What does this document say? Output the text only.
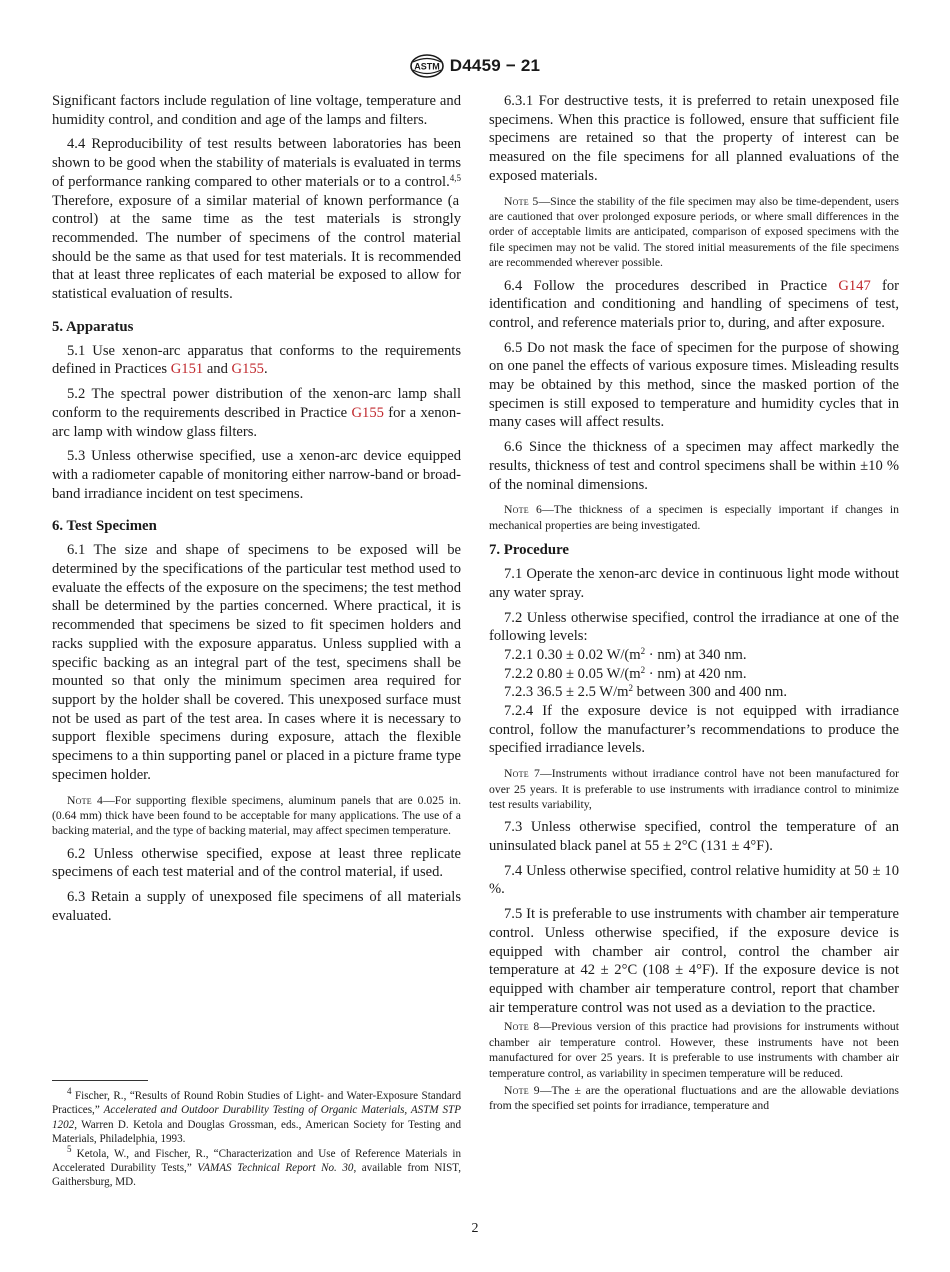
ASTM D4459 − 21

Significant factors include regulation of line voltage, temperature and humidity control, and condition and age of the lamps and filters.

4.4 Reproducibility of test results between laboratories has been shown to be good when the stability of materials is evaluated in terms of performance ranking compared to other materials or to a control.$^{4,5}$ Therefore, exposure of a similar material of known performance (a control) at the same time as the test materials is strongly recommended. The number of specimens of the control material should be the same as that used for test materials. It is recommended that at least three replicates of each material be exposed to allow for statistical evaluation of results.

5. Apparatus

5.1 Use xenon-arc apparatus that conforms to the requirements defined in Practices G151 and G155.

5.2 The spectral power distribution of the xenon-arc lamp shall conform to the requirements described in Practice G155 for a xenon-arc lamp with window glass filters.

5.3 Unless otherwise specified, use a xenon-arc device equipped with a radiometer capable of monitoring either narrow-band or broad-band irradiance incident on test specimens.

6. Test Specimen

6.1 The size and shape of specimens to be exposed will be determined by the specifications of the particular test method used to evaluate the effects of the exposure on the specimens; the test method shall be determined by the parties concerned. Where practical, it is recommended that specimens be sized to fit specimen holders and racks supplied with the exposure apparatus. Unless supplied with a specific backing as an integral part of the test, specimens shall be mounted so that only the minimum specimen area required for support by the holder shall be covered. This unexposed surface must not be used as part of the test area. In cases where it is necessary to support flexible specimens during exposure, attach the flexible specimens to a thin supporting panel or placed in a picture frame type specimen holder.

Note 4—For supporting flexible specimens, aluminum panels that are 0.025 in. (0.64 mm) thick have been found to be acceptable for many applications. The use of a backing material, and the type of backing material, may affect specimen temperature.

6.2 Unless otherwise specified, expose at least three replicate specimens of each test material and of the control material, if used.

6.3 Retain a supply of unexposed file specimens of all materials evaluated.

$^4$ Fischer, R., “Results of Round Robin Studies of Light- and Water-Exposure Standard Practices,” Accelerated and Outdoor Durability Testing of Organic Materials, ASTM STP 1202, Warren D. Ketola and Douglas Grossman, eds., American Society for Testing and Materials, Philadelphia, 1993.

$^5$ Ketola, W., and Fischer, R., “Characterization and Use of Reference Materials in Accelerated Durability Tests,” VAMAS Technical Report No. 30, available from NIST, Gaithersburg, MD.

6.3.1 For destructive tests, it is preferred to retain unexposed file specimens. When this practice is followed, ensure that sufficient file specimens are retained so that the property of interest can be measured on the file specimens for all planned evaluations of the exposed materials.

Note 5—Since the stability of the file specimen may also be time-dependent, users are cautioned that over prolonged exposure periods, or where small differences in the order of acceptable limits are anticipated, comparison of exposed specimens with the file specimen may not be valid. The stored initial measurements of the file specimens are recommended wherever possible.

6.4 Follow the procedures described in Practice G147 for identification and conditioning and handling of specimens of test, control, and reference materials prior to, during, and after exposure.

6.5 Do not mask the face of specimen for the purpose of showing on one panel the effects of various exposure times. Misleading results may be obtained by this method, since the masked portion of the specimen is still exposed to temperature and humidity cycles that in many cases will affect results.

6.6 Since the thickness of a specimen may affect markedly the results, thickness of test and control specimens shall be within ±10 % of the nominal dimensions.

Note 6—The thickness of a specimen is especially important if changes in mechanical properties are being investigated.

7. Procedure

7.1 Operate the xenon-arc device in continuous light mode without any water spray.

7.2 Unless otherwise specified, control the irradiance at one of the following levels:

7.2.1 0.30 ± 0.02 $W/(m^2 \cdot nm)$ at 340 nm.

7.2.2 0.80 ± 0.05 $W/(m^2 \cdot nm)$ at 420 nm.

7.2.3 36.5 ± 2.5 $W/m^2$ between 300 and 400 nm.

7.2.4 If the exposure device is not equipped with irradiance control, follow the manufacturer’s recommendations to produce the specified irradiance levels.

Note 7—Instruments without irradiance control have not been manufactured for over 25 years. It is preferable to use instruments with irradiance control to minimize test results variability,

7.3 Unless otherwise specified, control the temperature of an uninsulated black panel at 55 ± 2°C (131 ± 4°F).

7.4 Unless otherwise specified, control relative humidity at 50 ± 10 %.

7.5 It is preferable to use instruments with chamber air temperature control. Unless otherwise specified, if the exposure device is equipped with chamber air control, control the chamber air temperature at 42 ± 2°C (108 ± 4°F). If the exposure device is not equipped with chamber air temperature control, report that chamber air temperature control was not used as a deviation to the practice.

Note 8—Previous version of this practice had provisions for instruments without chamber air temperature control. However, these instruments have not been manufactured for over 25 years. It is preferable to use instruments with chamber air temperature control, as variability in specimen temperature will be reduced.

Note 9—The ± are the operational fluctuations and are the allowable deviations from the specified set points for irradiance, temperature and

2
